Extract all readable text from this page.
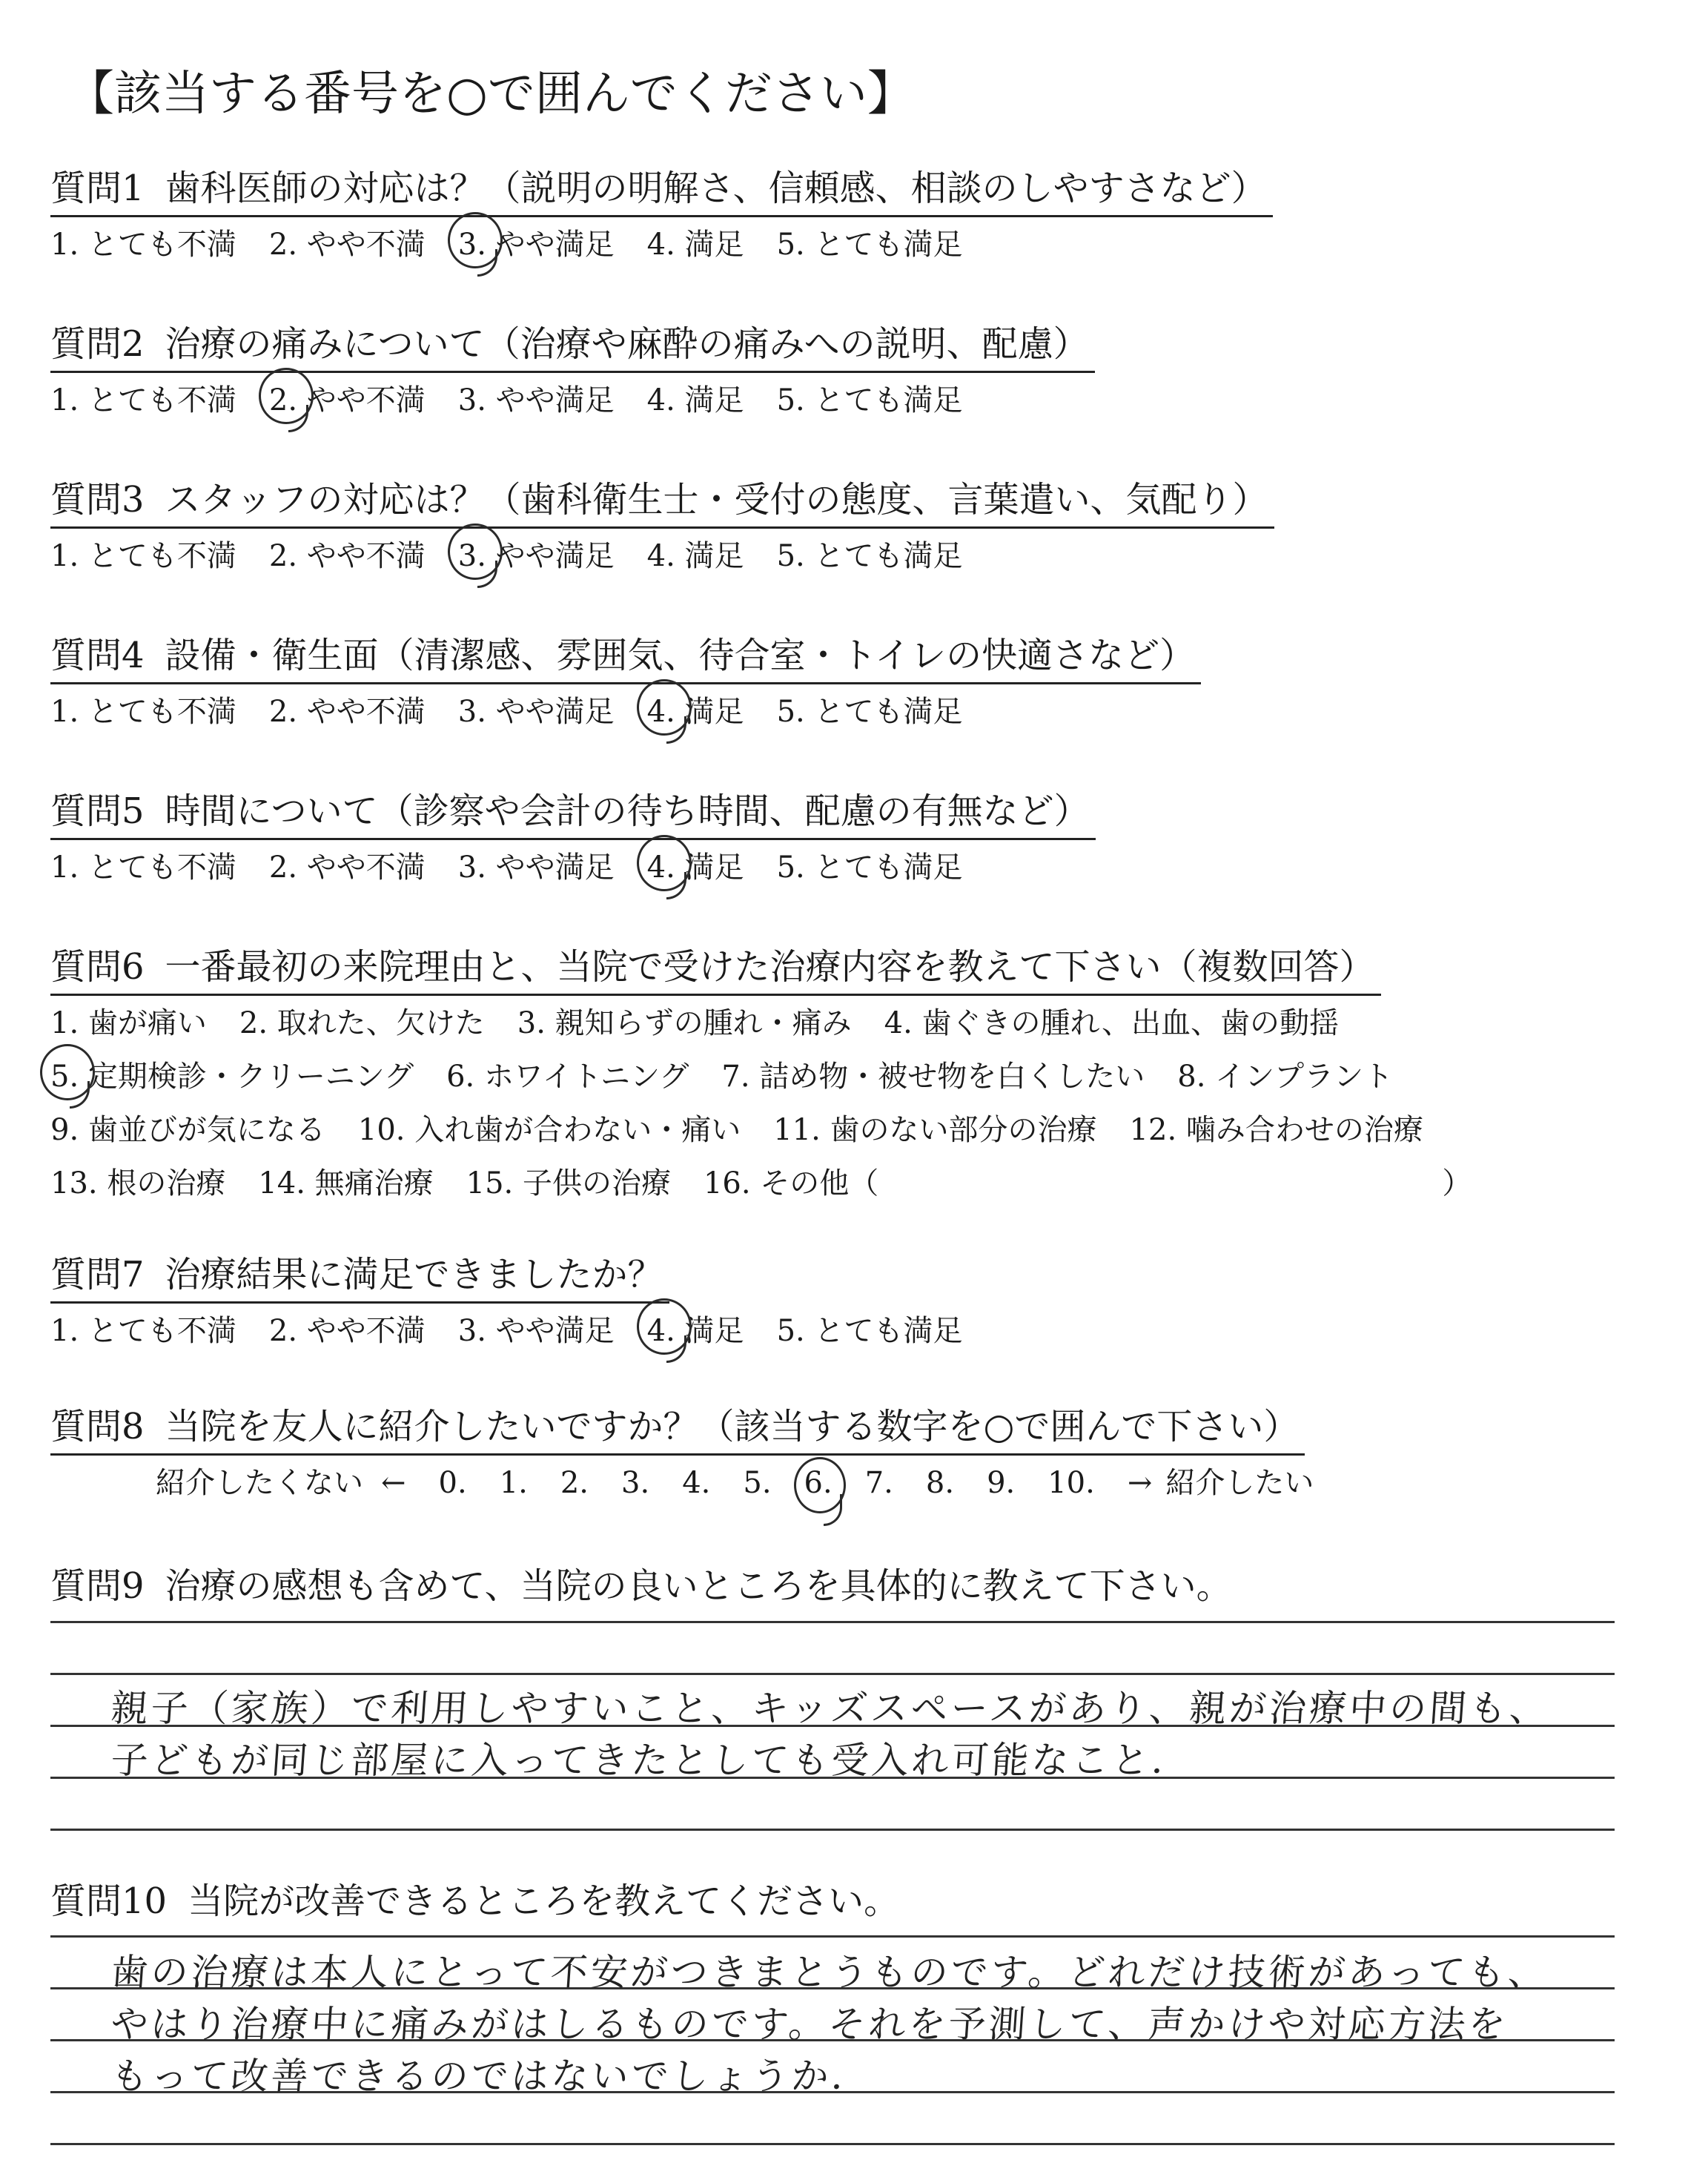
【該当する番号を○で囲んでください】
質問1 歯科医師の対応は？（説明の明解さ、信頼感、相談のしやすさなど）
1. とても不満 2. やや不満 3. やや満足 4. 満足 5. とても満足
質問2 治療の痛みについて（治療や麻酔の痛みへの説明、配慮）
1. とても不満 2. やや不満 3. やや満足 4. 満足 5. とても満足
質問3 スタッフの対応は？（歯科衛生士・受付の態度、言葉遣い、気配り）
1. とても不満 2. やや不満 3. やや満足 4. 満足 5. とても満足
質問4 設備・衛生面（清潔感、雰囲気、待合室・トイレの快適さなど）
1. とても不満 2. やや不満 3. やや満足 4. 満足 5. とても満足
質問5 時間について（診察や会計の待ち時間、配慮の有無など）
1. とても不満 2. やや不満 3. やや満足 4. 満足 5. とても満足
質問6 一番最初の来院理由と、当院で受けた治療内容を教えて下さい（複数回答）
1. 歯が痛い 2. 取れた、欠けた 3. 親知らずの腫れ・痛み 4. 歯ぐきの腫れ、出血、歯の動揺
5. 定期検診・クリーニング 6. ホワイトニング 7. 詰め物・被せ物を白くしたい 8. インプラント
9. 歯並びが気になる 10. 入れ歯が合わない・痛い 11. 歯のない部分の治療 12. 噛み合わせの治療
13. 根の治療 14. 無痛治療 15. 子供の治療 16. その他（	）
質問7 治療結果に満足できましたか？
1. とても不満 2. やや不満 3. やや満足 4. 満足 5. とても満足
質問8 当院を友人に紹介したいですか？（該当する数字を○で囲んで下さい）
紹介したくない ← 0. 1. 2. 3. 4. 5. 6. 7. 8. 9. 10. → 紹介したい
質問9 治療の感想も含めて、当院の良いところを具体的に教えて下さい。
親子（家族）で利用しやすいこと、キッズスペースがあり、親が治療中の間も、
子どもが同じ部屋に入ってきたとしても受入れ可能なこと．
質問10 当院が改善できるところを教えてください。
歯の治療は本人にとって不安がつきまとうものです。どれだけ技術があっても、
やはり治療中に痛みがはしるものです。それを予測して、声かけや対応方法を
もって改善できるのではないでしょうか．
